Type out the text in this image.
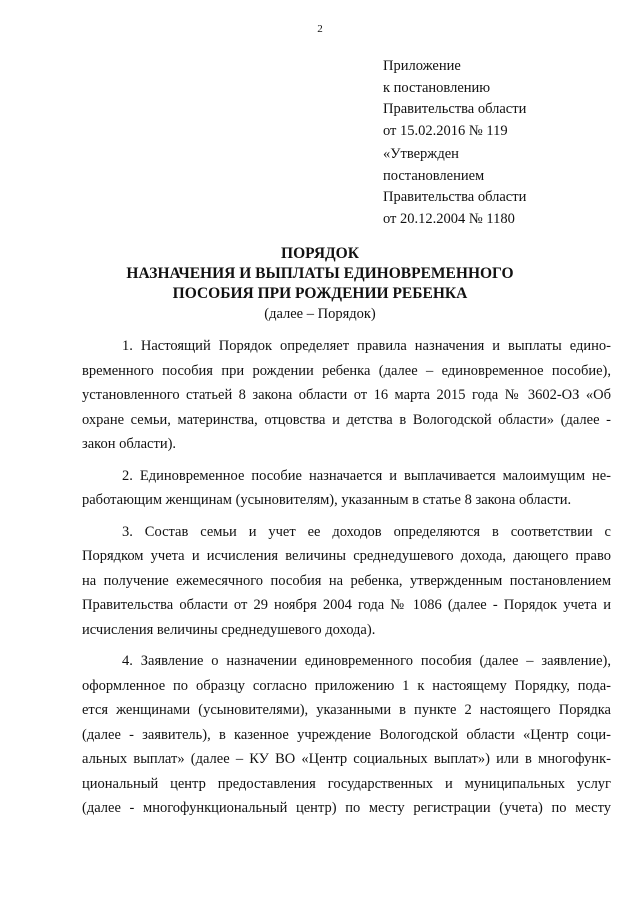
2
Приложение
к постановлению
Правительства области
от 15.02.2016 № 119
«Утвержден
постановлением
Правительства области
от 20.12.2004 № 1180
ПОРЯДОК
НАЗНАЧЕНИЯ И ВЫПЛАТЫ ЕДИНОВРЕМЕННОГО
ПОСОБИЯ ПРИ РОЖДЕНИИ РЕБЕНКА
(далее – Порядок)
1. Настоящий Порядок определяет правила назначения и выплаты едино-
временного пособия при рождении ребенка (далее – единовременное пособие),
установленного статьей 8 закона области от 16 марта 2015 года № 3602-ОЗ «Об
охране семьи, материнства, отцовства и детства в Вологодской области» (далее -
закон области).
2. Единовременное пособие назначается и выплачивается малоимущим не-
работающим женщинам (усыновителям), указанным в статье 8 закона области.
3. Состав семьи и учет ее доходов определяются в соответствии с
Порядком учета и исчисления величины среднедушевого дохода, дающего право
на получение ежемесячного пособия на ребенка, утвержденным постановлением
Правительства области от 29 ноября 2004 года № 1086 (далее - Порядок учета и
исчисления величины среднедушевого дохода).
4. Заявление о назначении единовременного пособия (далее – заявление),
оформленное по образцу согласно приложению 1 к настоящему Порядку, пода-
ется женщинами (усыновителями), указанными в пункте 2 настоящего Порядка
(далее - заявитель), в казенное учреждение Вологодской области «Центр соци-
альных выплат» (далее – КУ ВО «Центр социальных выплат») или в многофунк-
циональный центр предоставления государственных и муниципальных услуг
(далее - многофункциональный центр) по месту регистрации (учета) по месту
